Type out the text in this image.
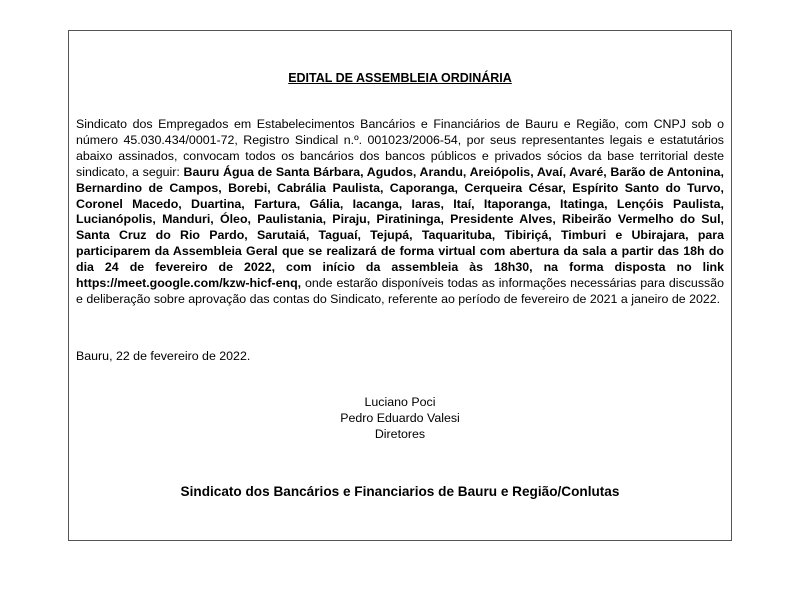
EDITAL DE ASSEMBLEIA ORDINÁRIA
Sindicato dos Empregados em Estabelecimentos Bancários e Financiários de Bauru e Região, com CNPJ sob o número 45.030.434/0001-72, Registro Sindical n.º. 001023/2006-54, por seus representantes legais e estatutários abaixo assinados, convocam todos os bancários dos bancos públicos e privados sócios da base territorial deste sindicato, a seguir: Bauru Água de Santa Bárbara, Agudos, Arandu, Areiópolis, Avaí, Avaré, Barão de Antonina, Bernardino de Campos, Borebi, Cabrália Paulista, Caporanga, Cerqueira César, Espírito Santo do Turvo, Coronel Macedo, Duartina, Fartura, Gália, Iacanga, Iaras, Itaí, Itaporanga, Itatinga, Lençóis Paulista, Lucianópolis, Manduri, Óleo, Paulistania, Piraju, Piratininga, Presidente Alves, Ribeirão Vermelho do Sul, Santa Cruz do Rio Pardo, Sarutaiá, Taguaí, Tejupá, Taquarituba, Tibiriçá, Timburi e Ubirajara, para participarem da Assembleia Geral que se realizará de forma virtual com abertura da sala a partir das 18h do dia 24 de fevereiro de 2022, com início da assembleia às 18h30, na forma disposta no link https://meet.google.com/kzw-hicf-enq, onde estarão disponíveis todas as informações necessárias para discussão e deliberação sobre aprovação das contas do Sindicato, referente ao período de fevereiro de 2021 a janeiro de 2022.
Bauru, 22 de fevereiro de 2022.
Luciano Poci
Pedro Eduardo Valesi
Diretores
Sindicato dos Bancários e Financiarios de Bauru e Região/Conlutas
